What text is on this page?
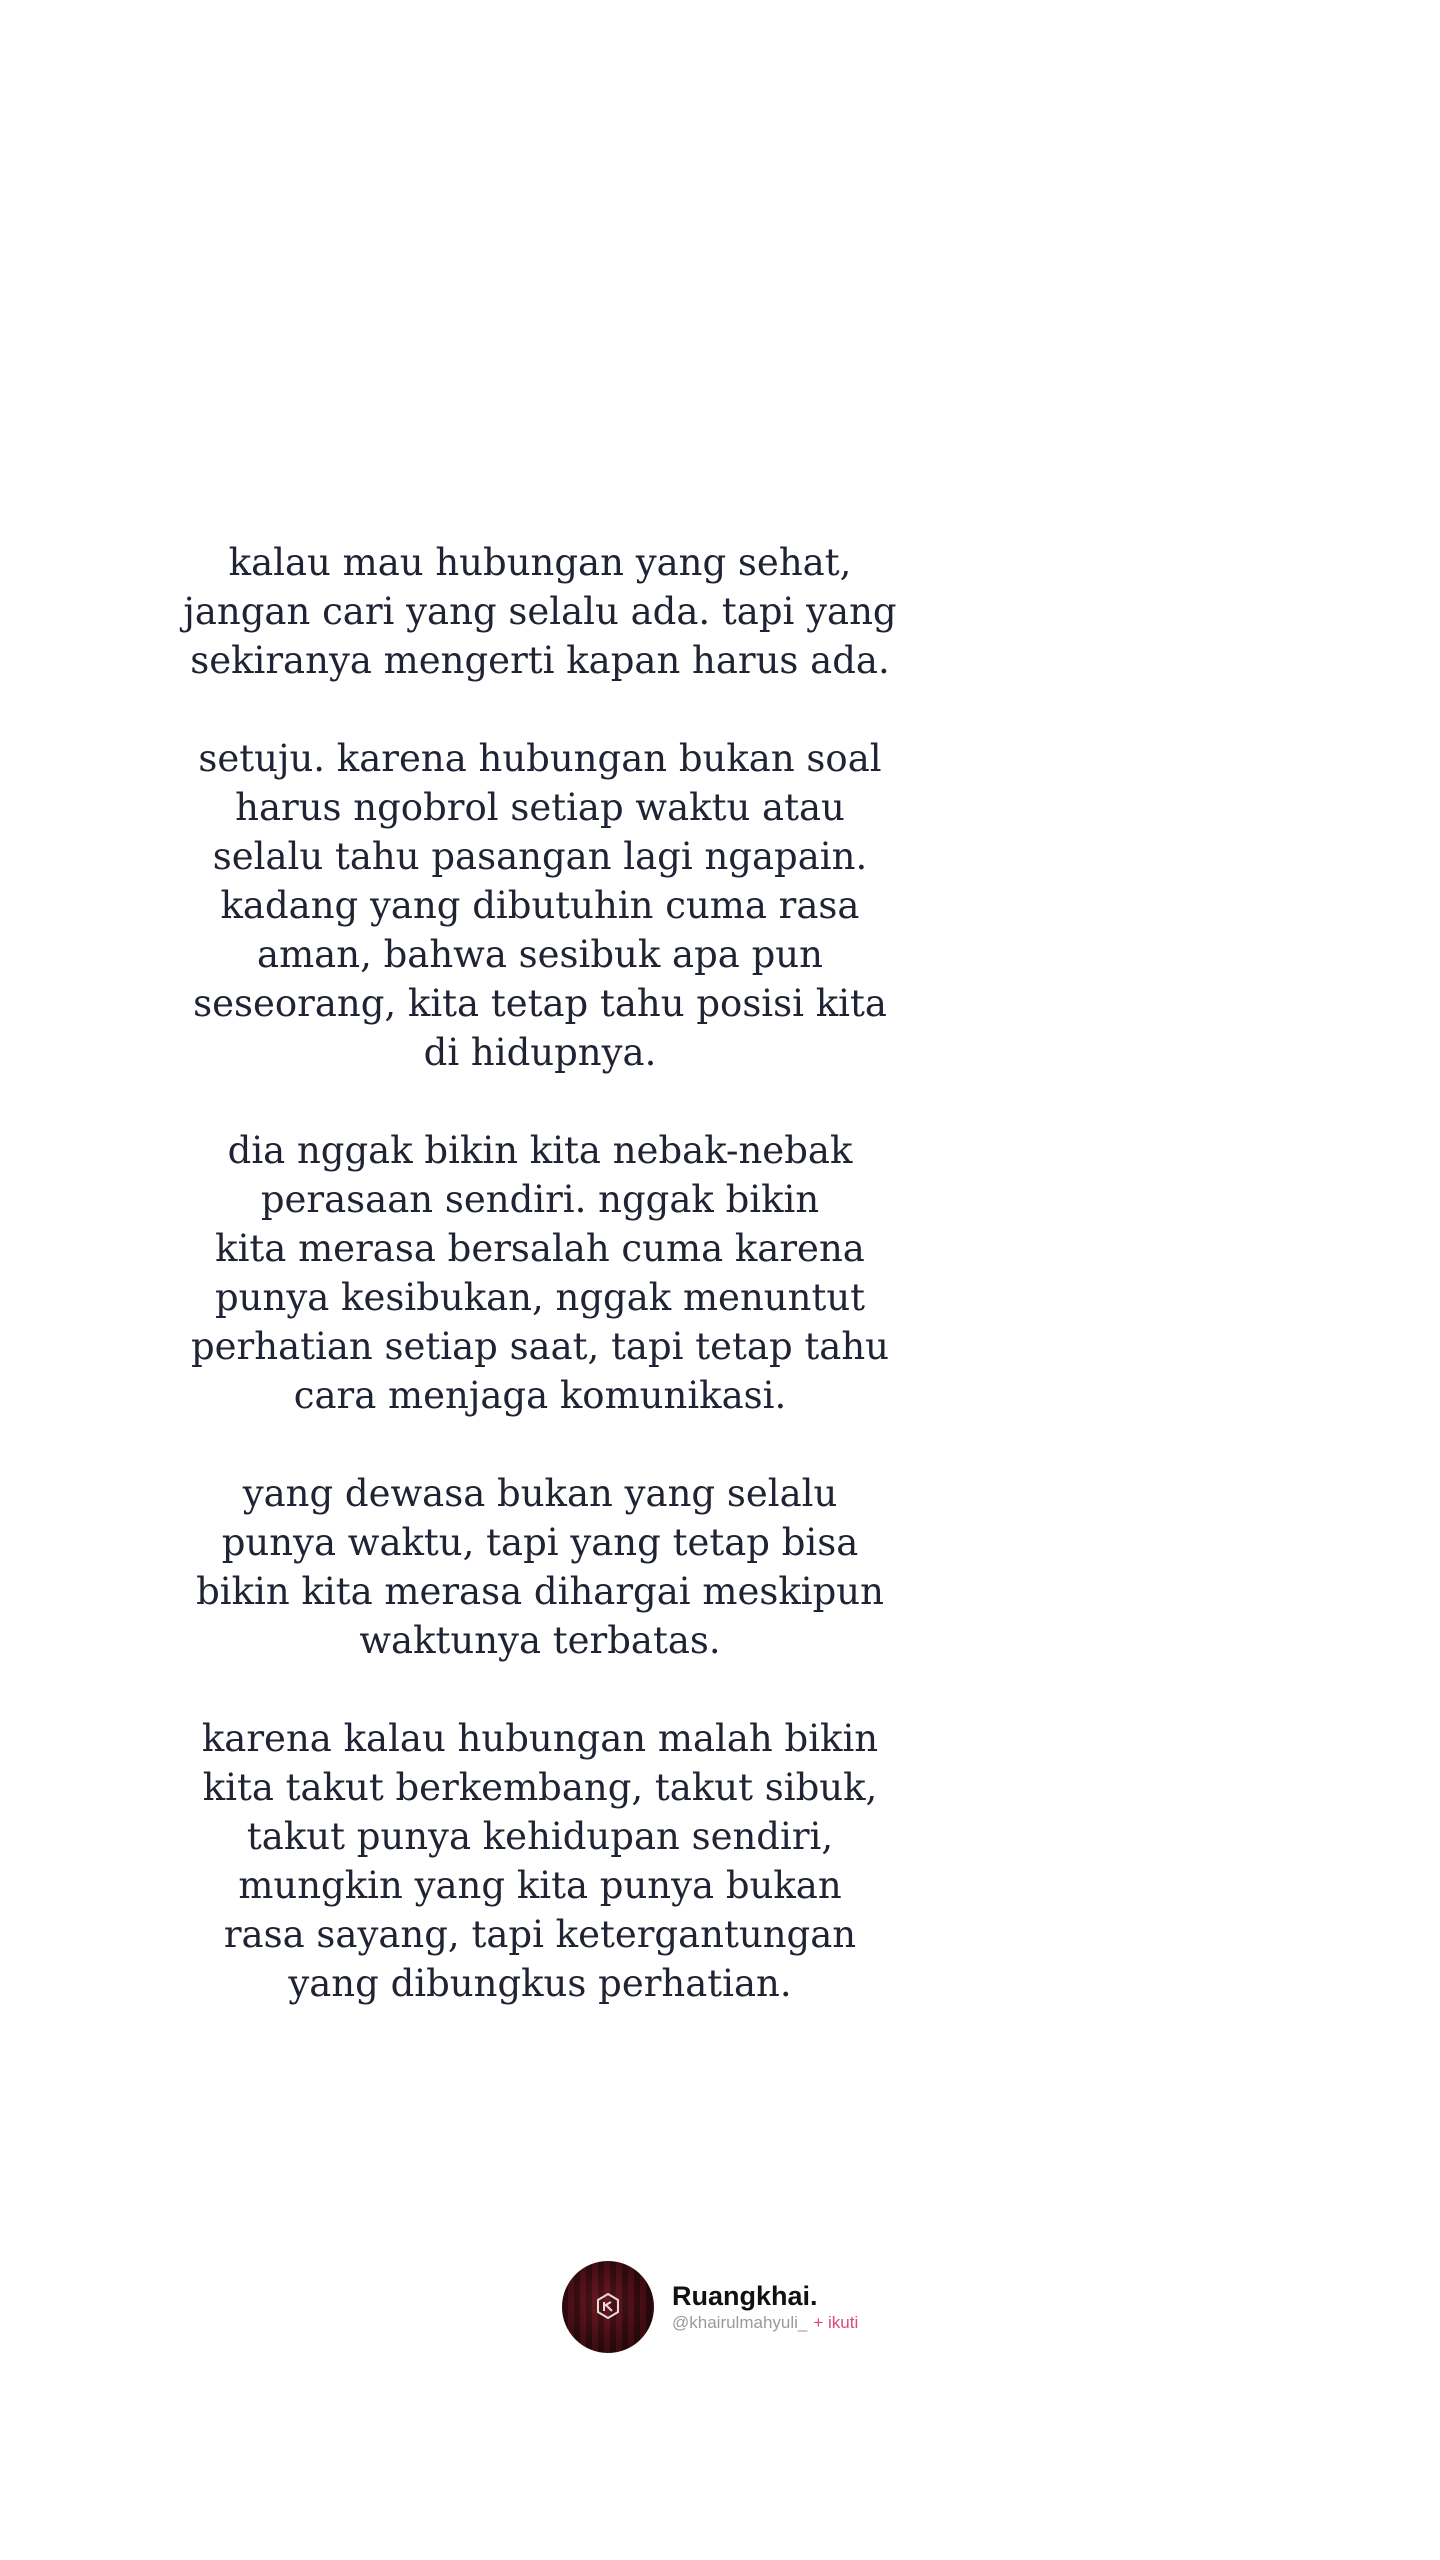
kalau mau hubungan yang sehat,
jangan cari yang selalu ada. tapi yang
sekiranya mengerti kapan harus ada.

setuju. karena hubungan bukan soal
harus ngobrol setiap waktu atau
selalu tahu pasangan lagi ngapain.
kadang yang dibutuhin cuma rasa
aman, bahwa sesibuk apa pun
seseorang, kita tetap tahu posisi kita
di hidupnya.

dia nggak bikin kita nebak-nebak
perasaan sendiri. nggak bikin
kita merasa bersalah cuma karena
punya kesibukan, nggak menuntut
perhatian setiap saat, tapi tetap tahu
cara menjaga komunikasi.

yang dewasa bukan yang selalu
punya waktu, tapi yang tetap bisa
bikin kita merasa dihargai meskipun
waktunya terbatas.

karena kalau hubungan malah bikin
kita takut berkembang, takut sibuk,
takut punya kehidupan sendiri,
mungkin yang kita punya bukan
rasa sayang, tapi ketergantungan
yang dibungkus perhatian.

Ruangkhai.
@khairulmahyuli_ + ikuti
